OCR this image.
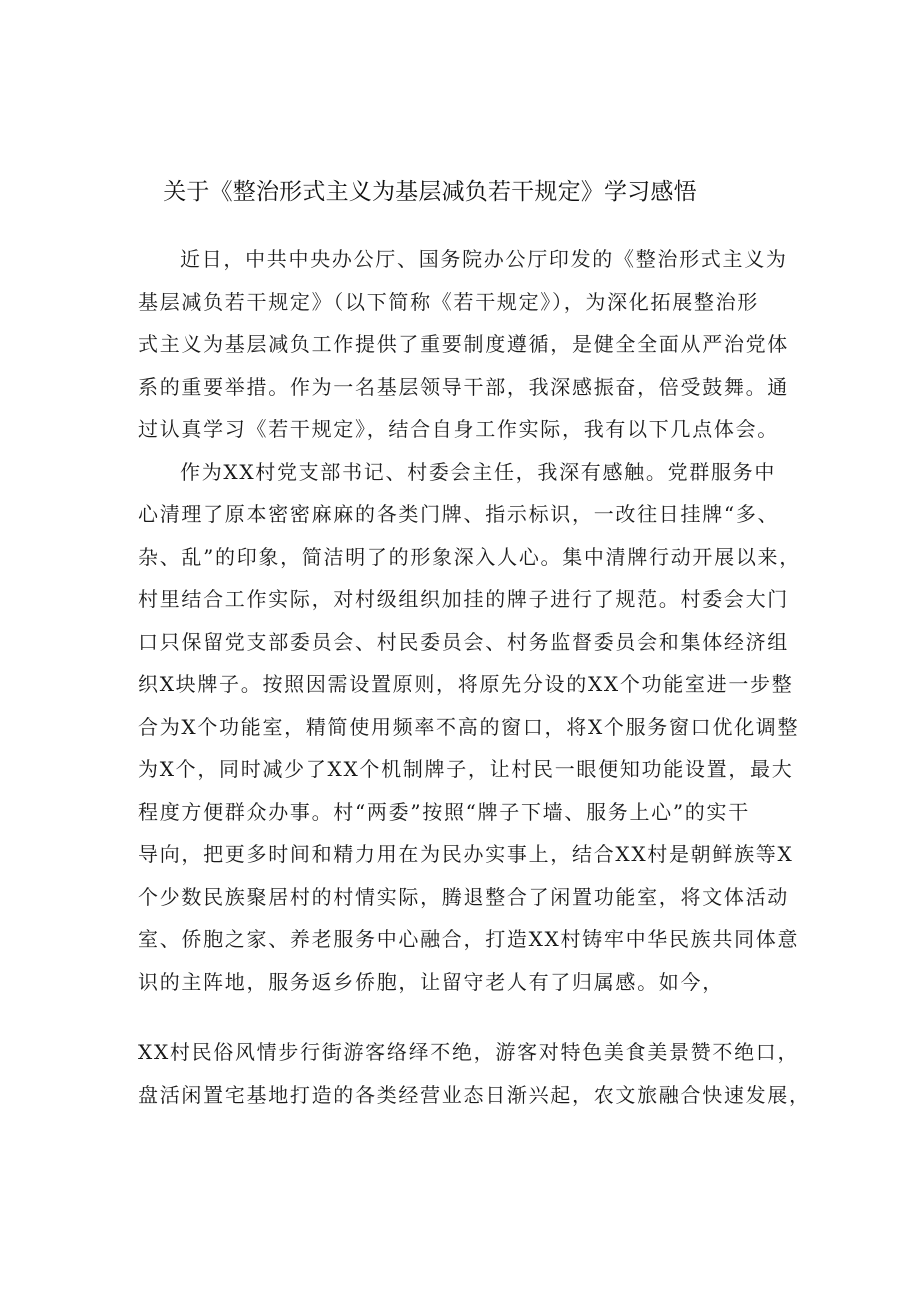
关于《整治形式主义为基层减负若干规定》学习感悟
近日，中共中央办公厅、国务院办公厅印发的《整治形式主义为
基层减负若干规定》（以下简称《若干规定》），为深化拓展整治形
式主义为基层减负工作提供了重要制度遵循，是健全全面从严治党体
系的重要举措。作为一名基层领导干部，我深感振奋，倍受鼓舞。通
过认真学习《若干规定》，结合自身工作实际，我有以下几点体会。
作为XX村党支部书记、村委会主任，我深有感触。党群服务中
心清理了原本密密麻麻的各类门牌、指示标识，一改往日挂牌“多、
杂、乱”的印象，简洁明了的形象深入人心。集中清牌行动开展以来，
村里结合工作实际，对村级组织加挂的牌子进行了规范。村委会大门
口只保留党支部委员会、村民委员会、村务监督委员会和集体经济组
织X块牌子。按照因需设置原则，将原先分设的XX个功能室进一步整
合为X个功能室，精简使用频率不高的窗口，将X个服务窗口优化调整
为X个，同时减少了XX个机制牌子，让村民一眼便知功能设置，最大
程度方便群众办事。村“两委”按照“牌子下墙、服务上心”的实干
导向，把更多时间和精力用在为民办实事上，结合XX村是朝鲜族等X
个少数民族聚居村的村情实际，腾退整合了闲置功能室，将文体活动
室、侨胞之家、养老服务中心融合，打造XX村铸牢中华民族共同体意
识的主阵地，服务返乡侨胞，让留守老人有了归属感。如今，
XX村民俗风情步行街游客络绎不绝，游客对特色美食美景赞不绝口，
盘活闲置宅基地打造的各类经营业态日渐兴起，农文旅融合快速发展，
